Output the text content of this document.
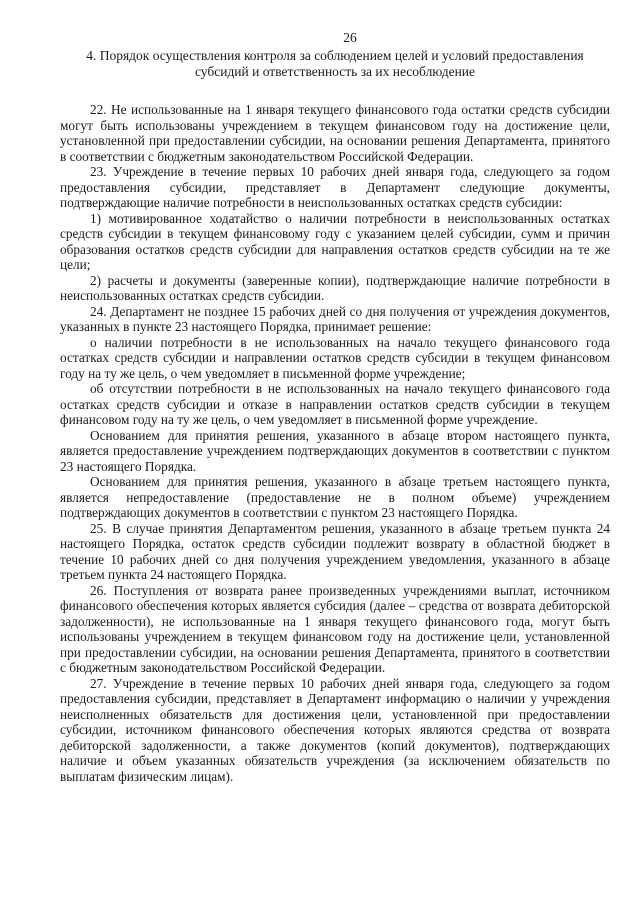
26
4. Порядок осуществления контроля за соблюдением целей и условий предоставления субсидий и ответственность за их несоблюдение

22. Не использованные на 1 января текущего финансового года остатки средств субсидии могут быть использованы учреждением в текущем финансовом году на достижение цели, установленной при предоставлении субсидии, на основании решения Департамента, принятого в соответствии с бюджетным законодательством Российской Федерации.

23. Учреждение в течение первых 10 рабочих дней января года, следующего за годом предоставления субсидии, представляет в Департамент следующие документы, подтверждающие наличие потребности в неиспользованных остатках средств субсидии:

1) мотивированное ходатайство о наличии потребности в неиспользованных остатках средств субсидии в текущем финансовому году с указанием целей субсидии, сумм и причин образования остатков средств субсидии для направления остатков средств субсидии на те же цели;

2) расчеты и документы (заверенные копии), подтверждающие наличие потребности в неиспользованных остатках средств субсидии.

24. Департамент не позднее 15 рабочих дней со дня получения от учреждения документов, указанных в пункте 23 настоящего Порядка, принимает решение:

о наличии потребности в не использованных на начало текущего финансового года остатках средств субсидии и направлении остатков средств субсидии в текущем финансовом году на ту же цель, о чем уведомляет в письменной форме учреждение;

об отсутствии потребности в не использованных на начало текущего финансового года остатках средств субсидии и отказе в направлении остатков средств субсидии в текущем финансовом году на ту же цель, о чем уведомляет в письменной форме учреждение.

Основанием для принятия решения, указанного в абзаце втором настоящего пункта, является предоставление учреждением подтверждающих документов в соответствии с пунктом 23 настоящего Порядка.

Основанием для принятия решения, указанного в абзаце третьем настоящего пункта, является непредоставление (предоставление не в полном объеме) учреждением подтверждающих документов в соответствии с пунктом 23 настоящего Порядка.

25. В случае принятия Департаментом решения, указанного в абзаце третьем пункта 24 настоящего Порядка, остаток средств субсидии подлежит возврату в областной бюджет в течение 10 рабочих дней со дня получения учреждением уведомления, указанного в абзаце третьем пункта 24 настоящего Порядка.

26. Поступления от возврата ранее произведенных учреждениями выплат, источником финансового обеспечения которых является субсидия (далее – средства от возврата дебиторской задолженности), не использованные на 1 января текущего финансового года, могут быть использованы учреждением в текущем финансовом году на достижение цели, установленной при предоставлении субсидии, на основании решения Департамента, принятого в соответствии с бюджетным законодательством Российской Федерации.

27. Учреждение в течение первых 10 рабочих дней января года, следующего за годом предоставления субсидии, представляет в Департамент информацию о наличии у учреждения неисполненных обязательств для достижения цели, установленной при предоставлении субсидии, источником финансового обеспечения которых являются средства от возврата дебиторской задолженности, а также документов (копий документов), подтверждающих наличие и объем указанных обязательств учреждения (за исключением обязательств по выплатам физическим лицам).
